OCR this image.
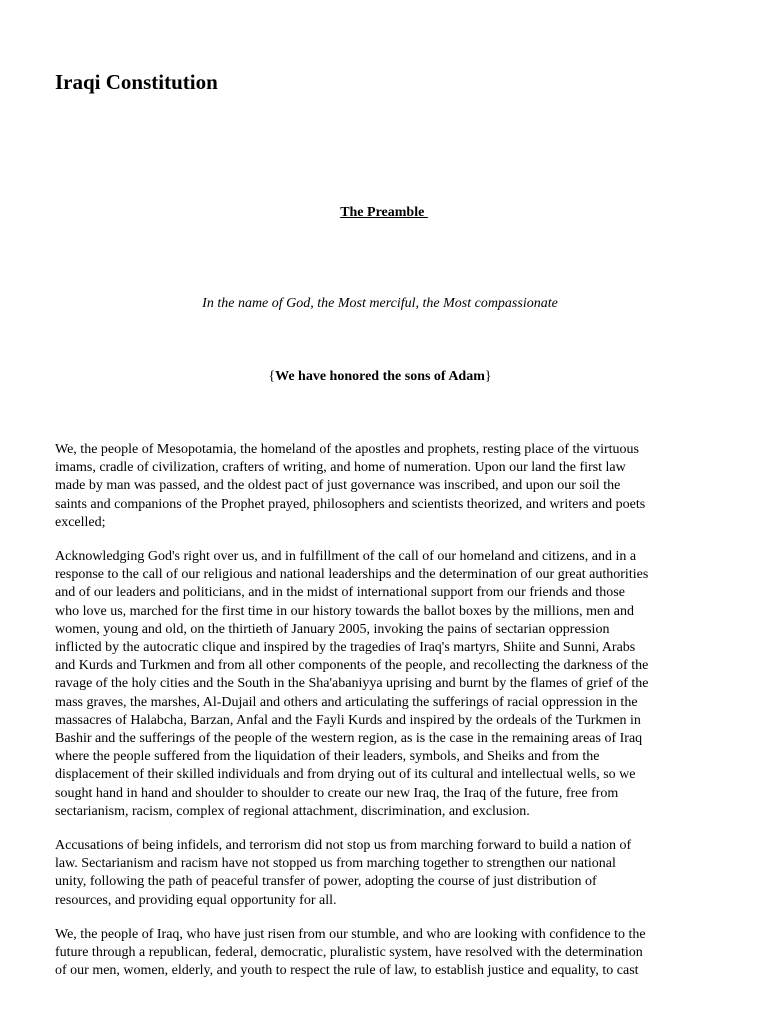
Iraqi Constitution
The Preamble

In the name of God, the Most merciful, the Most compassionate

{We have honored the sons of Adam}

We, the people of Mesopotamia, the homeland of the apostles and prophets, resting place of the virtuous
imams, cradle of civilization, crafters of writing, and home of numeration. Upon our land the first law
made by man was passed, and the oldest pact of just governance was inscribed, and upon our soil the
saints and companions of the Prophet prayed, philosophers and scientists theorized, and writers and poets
excelled;

Acknowledging God's right over us, and in fulfillment of the call of our homeland and citizens, and in a
response to the call of our religious and national leaderships and the determination of our great authorities
and of our leaders and politicians, and in the midst of international support from our friends and those
who love us, marched for the first time in our history towards the ballot boxes by the millions, men and
women, young and old, on the thirtieth of January 2005, invoking the pains of sectarian oppression
inflicted by the autocratic clique and inspired by the tragedies of Iraq's martyrs, Shiite and Sunni, Arabs
and Kurds and Turkmen and from all other components of the people, and recollecting the darkness of the
ravage of the holy cities and the South in the Sha'abaniyya uprising and burnt by the flames of grief of the
mass graves, the marshes, Al-Dujail and others and articulating the sufferings of racial oppression in the
massacres of Halabcha, Barzan, Anfal and the Fayli Kurds and inspired by the ordeals of the Turkmen in
Bashir and the sufferings of the people of the western region, as is the case in the remaining areas of Iraq
where the people suffered from the liquidation of their leaders, symbols, and Sheiks and from the
displacement of their skilled individuals and from drying out of its cultural and intellectual wells, so we
sought hand in hand and shoulder to shoulder to create our new Iraq, the Iraq of the future, free from
sectarianism, racism, complex of regional attachment, discrimination, and exclusion.

Accusations of being infidels, and terrorism did not stop us from marching forward to build a nation of
law. Sectarianism and racism have not stopped us from marching together to strengthen our national
unity, following the path of peaceful transfer of power, adopting the course of just distribution of
resources, and providing equal opportunity for all.

We, the people of Iraq, who have just risen from our stumble, and who are looking with confidence to the
future through a republican, federal, democratic, pluralistic system, have resolved with the determination
of our men, women, elderly, and youth to respect the rule of law, to establish justice and equality, to cast
